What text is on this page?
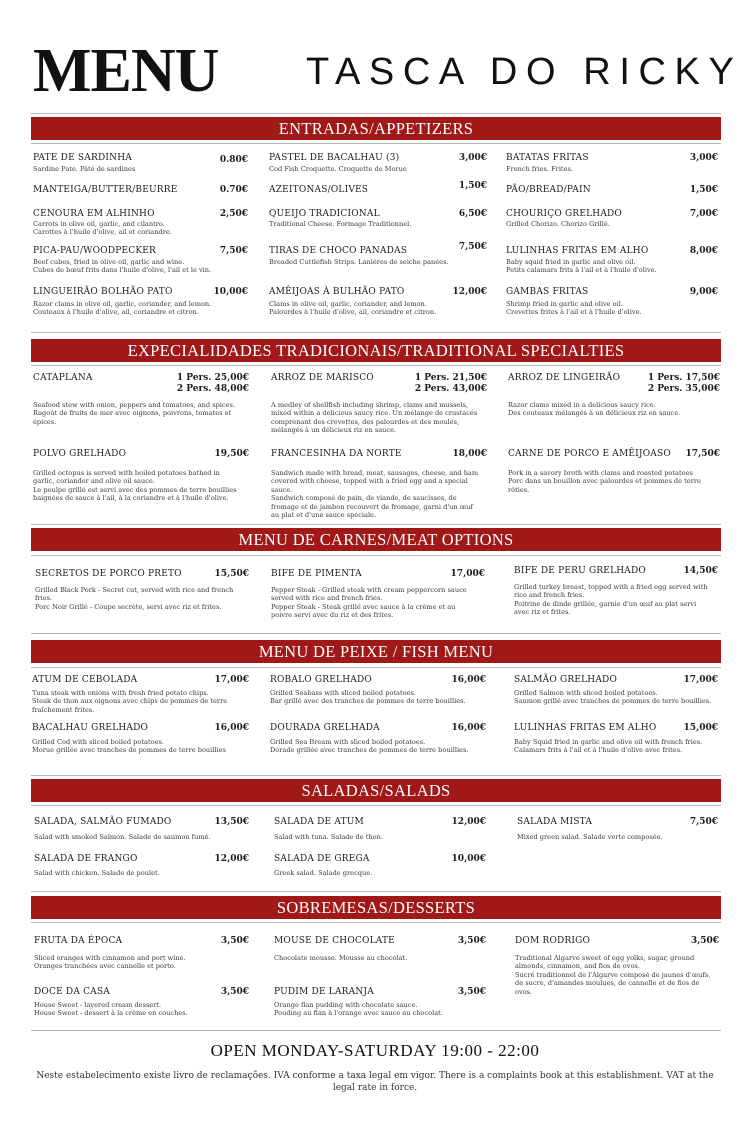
MENU TASCA DO RICKY
ENTRADAS/APPETIZERS
PATE DE SARDINHA	0.80€
Sardine Pate. Pâté de sardines
PASTEL DE BACALHAU (3)	3,00€
Cod Fish Croquette. Croquette de Morue
BATATAS FRITAS	3,00€
French fries. Frites.
MANTEIGA/BUTTER/BEURRE	0.70€ AZEITONAS/OLIVES	1,50€ PÃO/BREAD/PAIN	1,50€
CENOURA EM ALHINHO	2,50€
Carrots in olive oil, garlic, and cilantro.
Carottes à l'huile d'olive, ail et coriandre.
QUEIJO TRADICIONAL	6,50€
Traditional Cheese. Formage Traditionnel.
CHOURIÇO GRELHADO	7,00€
Grilled Chorizo. Chorizo Grillé.
PICA-PAU/WOODPECKER	7,50€
Beef cubes, fried in olive oil, garlic and wine.
Cubes de bœuf frits dans l'huile d'olive, l'ail et le vin.
TIRAS DE CHOCO PANADAS	7,50€
Breaded Cuttlefish Strips. Lanières de seiche panées.
LULINHAS FRITAS EM ALHO	8,00€
Baby squid fried in garlic and olive oil.
Petits calamars frits à l'ail et à l'huile d'olive.
LINGUEIRÃO BOLHÃO PATO	10,00€
Razor clams in olive oil, garlic, coriander, and lemon.
Couteaux à l'huile d'olive, ail, coriandre et citron.
AMÊIJOAS À BULHÃO PATO	12,00€
Clams in olive oil, garlic, coriander, and lemon.
Palourdes à l'huile d'olive, ail, coriandre et citron.
GAMBAS FRITAS	9,00€
Shrimp fried in garlic and olive oil.
Crevettes frites à l'ail et à l'huile d'olive.
EXPECIALIDADES TRADICIONAIS/TRADITIONAL SPECIALTIES
CATAPLANA	1 Pers. 25,00€
2 Pers. 48,00€
Seafood stew with onion, peppers and tomatoes, and spices.
Ragoût de fruits de mer avec oignons, poivrons, tomates et
épices.
ARROZ DE MARISCO	1 Pers. 21,50€
2 Pers. 43,00€
A medley of shellfish including shrimp, clams and mussels,
mixed within a delicious saucy rice. Un mélange de crustacés
comprenant des crevettes, des palourdes et des moules,
mélangés à un délicieux riz en sauce.
ARROZ DE LINGEIRÃO	1 Pers. 17,50€
2 Pers. 35,00€
Razor clams mixed in a delicious saucy rice.
Des couteaux mélangés à un délicieux riz en sauce.
POLVO GRELHADO	19,50€
Grilled octopus is served with boiled potatoes bathed in
garlic, coriander and olive oil sauce.
Le poulpe grillé est servi avec des pommes de terre bouillies
baignées de sauce à l'ail, à la coriandre et à l'huile d'olive.
FRANCESINHA DA NORTE	18,00€
Sandwich made with bread, meat, sausages, cheese, and ham
covered with cheese, topped with a fried egg and a special
sauce.
Sandwich composé de pain, de viande, de saucisses, de
fromage et de jambon recouvert de fromage, garni d'un œuf
au plat et d'une sauce spéciale.
CARNE DE PORCO E AMÊIJOASO 17,50€
Pork in a savory broth with clams and roasted potatoes
Porc dans un bouillon avec palourdes et pommes de terre
rôties.
MENU DE CARNES/MEAT OPTIONS
SECRETOS DE PORCO PRETO	15,50€
Grilled Black Pork - Secret cut, served with rice and french
fries.
Porc Noir Grillé - Coupe secrète, servi avec riz et frites.
BIFE DE PIMENTA	17,00€
Pepper Steak - Grilled steak with cream peppercorn sauce
served with rice and french fries.
Pepper Steak - Steak grillé avec sauce à la crème et au
poivre servi avec du riz et des frites.
BIFE DE PERU GRELHADO	14,50€
Grilled turkey breast, topped with a fried egg served with
rice and french fries.
Poitrine de dinde grillée, garnie d'un œuf au plat servi
avec riz et frites.
MENU DE PEIXE / FISH MENU
ATUM DE CEBOLADA	17,00€
Tuna steak with onions with fresh fried potato chips.
Steak de thon aux oignons avec chips de pommes de terre
fraîchement frites.
ROBALO GRELHADO	16,00€
Grilled Seabass with sliced boiled potatoes.
Bar grillé avec des tranches de pommes de terre bouillies.
SALMÃO GRELHADO	17,00€
Grilled Salmon with sliced boiled potatoes.
Saumon grillé avec tranches de pommes de terre bouillies.
BACALHAU GRELHADO	16,00€
Grilled Cod with sliced boiled potatoes.
Morue grillée avec tranches de pommes de terre bouillies
DOURADA GRELHADA	16,00€
Grilled Sea Bream with sliced boiled potatoes.
Dorade grillée avec tranches de pommes de terre bouillies.
LULINHAS FRITAS EM ALHO	15,00€
Baby Squid fried in garlic and olive oil with french fries.
Calamars frits à l'ail et à l'huile d'olive avec frites.
SALADAS/SALADS
SALADA, SALMÃO FUMADO	13,50€
Salad with smoked Salmon. Salade de saumon fumé.
SALADA DE ATUM	12,00€
Salad with tuna. Salade de thon.
SALADA MISTA	7,50€
Mixed green salad. Salade verte composée.
SALADA DE FRANGO	12,00€
Salad with chicken. Salade de poulet.
SALADA DE GREGA	10,00€
Greek salad. Salade grecque.
SOBREMESAS/DESSERTS
FRUTA DA ÉPOCA	3,50€
Sliced oranges with cinnamon and port wine.
Oranges tranchées avec cannelle et porto.
MOUSE DE CHOCOLATE	3,50€
Chocolate mousse. Mousse au chocolat.
DOM RODRIGO	3,50€
Traditional Algarve sweet of egg yolks, sugar, ground
almonds, cinnamon, and fios de ovos.
Sucré traditionnel de l'Algarve composé de jaunes d'œufs,
de sucre, d'amandes moulues, de cannelle et de fios de
ovos.
DOCE DA CASA	3,50€
House Sweet - layered cream dessert.
House Sweet - dessert à la crème en couches.
PUDIM DE LARANJA	3,50€
Orange flan pudding with chocolate sauce.
Pouding au flan à l'orange avec sauce au chocolat.
OPEN MONDAY-SATURDAY 19:00 - 22:00
Neste estabelecimento existe livro de reclamações. IVA conforme a taxa legal em vigor. There is a complaints book at this establishment. VAT at the legal rate in force.
